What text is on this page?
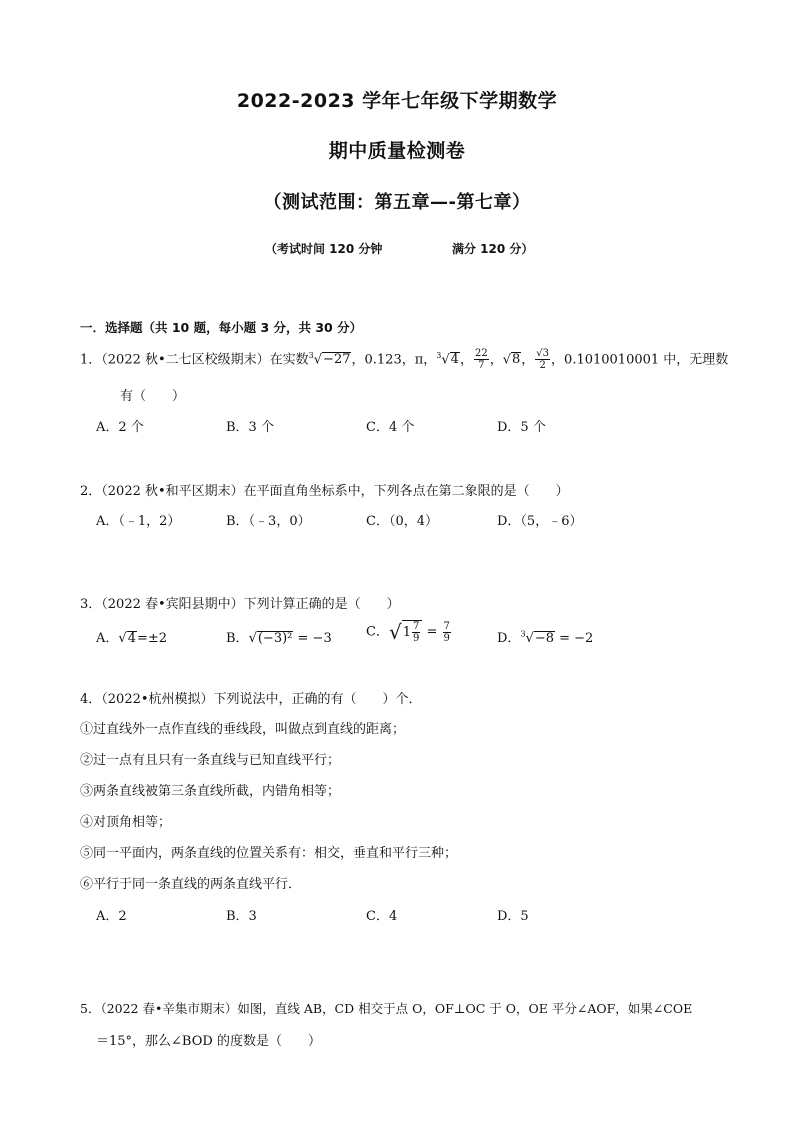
2022-2023 学年七年级下学期数学
期中质量检测卷
（测试范围：第五章—-第七章）
（考试时间 120 分钟	满分 120 分）
一．选择题（共 10 题，每小题 3 分，共 30 分）
1．（2022 秋•二七区校级期末）在实数$^3$√−27，0.123，π，$^3$√4， $\frac{22}{7}$ ，√8， $\frac{√3}{2}$ ，0.1010010001 中，无理数
有（　　）
A．2 个	B．3 个	C．4 个	D．5 个
2．（2022 秋•和平区期末）在平面直角坐标系中，下列各点在第二象限的是（　　）
A．（﹣1，2）	B．（﹣3，0）	C．（0，4）	D．（5，﹣6）
3．（2022 春•宾阳县期中）下列计算正确的是（　　）
A．√4=±2	B．√(−3)² = −3	C．$√1 \frac{7}{9} = \frac{7}{9}$	D．$^3$√−8 = −2
4．（2022•杭州模拟）下列说法中，正确的有（　　）个．
①过直线外一点作直线的垂线段，叫做点到直线的距离；
②过一点有且只有一条直线与已知直线平行；
③两条直线被第三条直线所截，内错角相等；
④对顶角相等；
⑤同一平面内，两条直线的位置关系有：相交，垂直和平行三种；
⑥平行于同一条直线的两条直线平行．
A．2	B．3	C．4	D．5
5．（2022 春•辛集市期末）如图，直线 AB，CD 相交于点 O，OF⊥OC 于 O，OE 平分∠AOF，如果∠COE
＝15°，那么∠BOD 的度数是（　　）
